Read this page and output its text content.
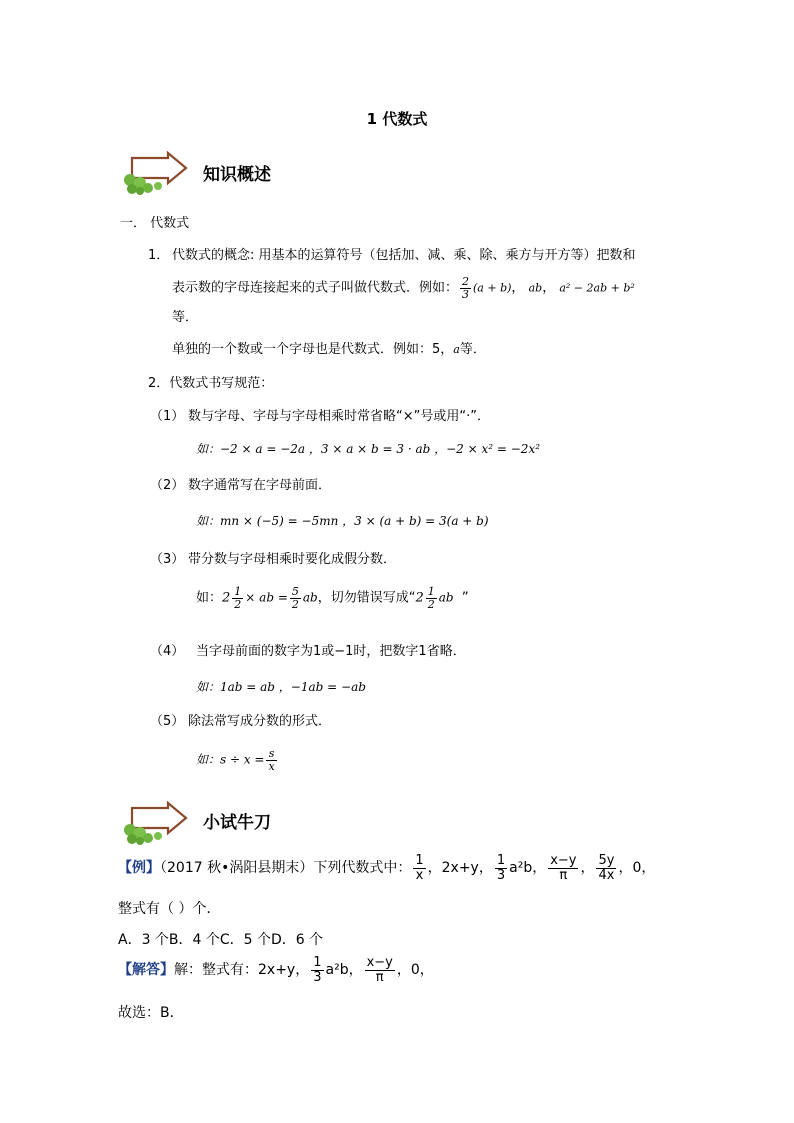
1 代数式
知识概述
一． 代数式
1． 代数式的概念: 用基本的运算符号（包括加、减、乘、除、乘方与开方等）把数和
表示数的字母连接起来的式子叫做代数式．例如： $\frac{2}{3} (a + b)$， ab， a² − 2ab + b²
等．
单独的一个数或一个字母也是代数式．例如：5，a等．
2．代数式书写规范：
（1） 数与字母、字母与字母相乘时常省略“×”号或用“·”．
如：−2 × a = −2a ，3 × a × b = 3 · ab ，−2 × x² = −2x²
（2） 数字通常写在字母前面．
如：mn × (−5) = −5mn ，3 × (a + b) = 3(a + b)
（3） 带分数与字母相乘时要化成假分数．
如：$2 \frac{1}{2}$ × ab = $\frac{5}{2}$ ab，切勿错误写成“$2 \frac{1}{2}$ ab ”
（4） 当字母前面的数字为1或−1时，把数字1省略．
如：1ab = ab ，−1ab = −ab
（5） 除法常写成分数的形式．
如：$s \div x = \frac{s}{x}$
小试牛刀
【例】（2017 秋•涡阳县期末）下列代数式中： $\frac{1}{x}$ ，2x+y， $\frac{1}{3} a^2b$， $\frac{x-y}{\pi}$ ， $\frac{5y}{4x}$ ，0，
整式有（ ）个．
A．3 个B．4 个C．5 个D．6 个
【解答】解：整式有：2x+y， $\frac{1}{3} a^2b$， $\frac{x-y}{\pi}$ ，0，
故选：B．
